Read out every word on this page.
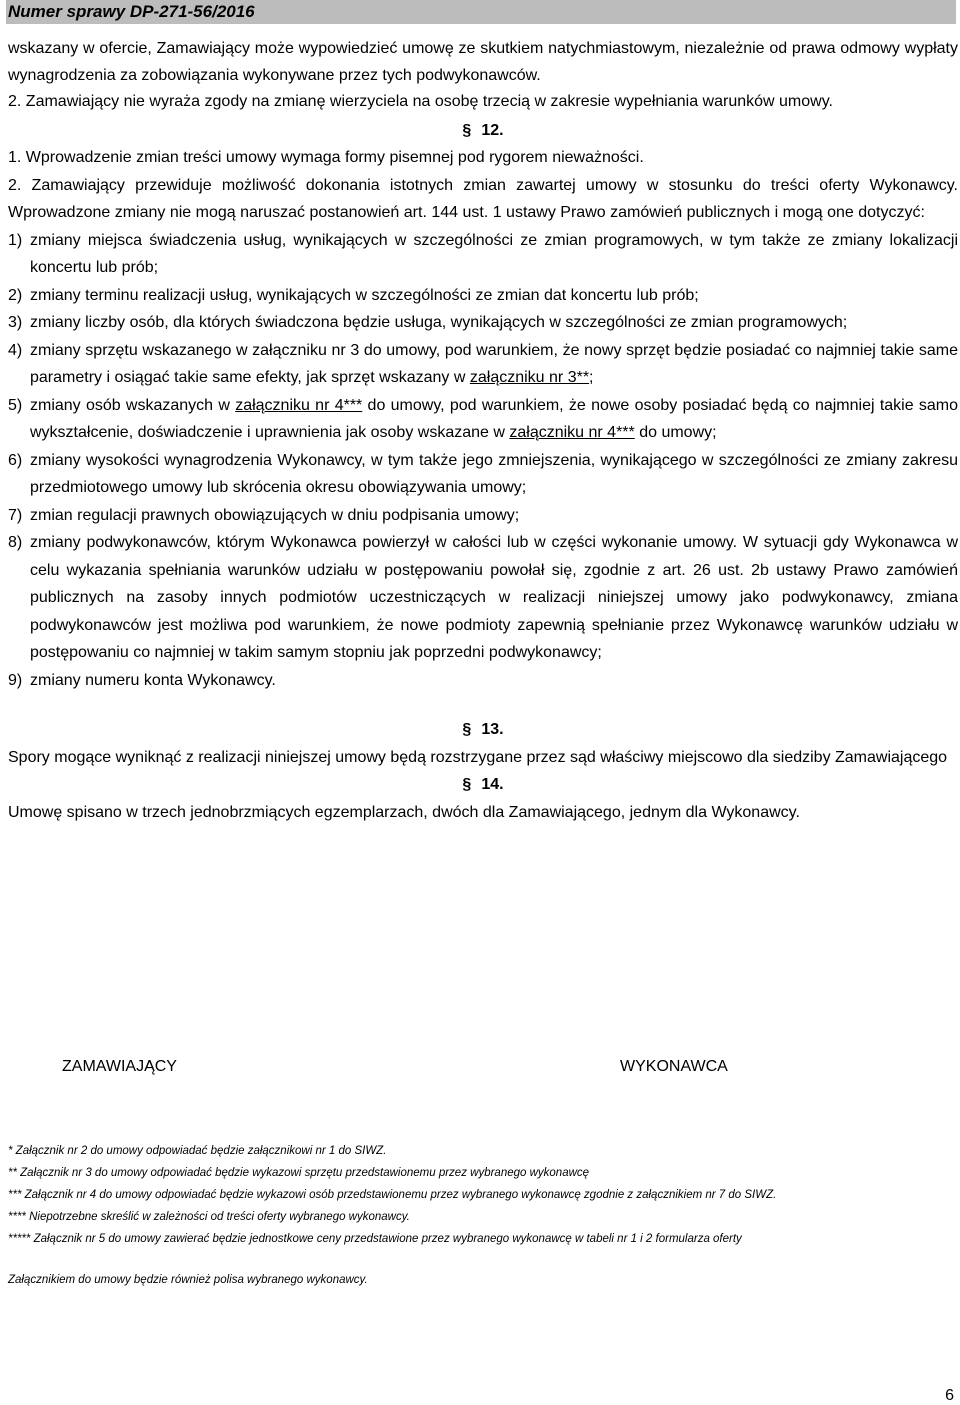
Numer sprawy DP-271-56/2016

wskazany w ofercie, Zamawiający może wypowiedzieć umowę ze skutkiem natychmiastowym, niezależnie od prawa odmowy wypłaty wynagrodzenia za zobowiązania wykonywane przez tych podwykonawców.

2. Zamawiający nie wyraża zgody na zmianę wierzyciela na osobę trzecią w zakresie wypełniania warunków umowy.

§ 12.

1. Wprowadzenie zmian treści umowy wymaga formy pisemnej pod rygorem nieważności.

2. Zamawiający przewiduje możliwość dokonania istotnych zmian zawartej umowy w stosunku do treści oferty Wykonawcy. Wprowadzone zmiany nie mogą naruszać postanowień art. 144 ust. 1 ustawy Prawo zamówień publicznych i mogą one dotyczyć:

1) zmiany miejsca świadczenia usług, wynikających w szczególności ze zmian programowych, w tym także ze zmiany lokalizacji koncertu lub prób;
2) zmiany terminu realizacji usług, wynikających w szczególności ze zmian dat koncertu lub prób;
3) zmiany liczby osób, dla których świadczona będzie usługa, wynikających w szczególności ze zmian programowych;
4) zmiany sprzętu wskazanego w załączniku nr 3 do umowy, pod warunkiem, że nowy sprzęt będzie posiadać co najmniej takie same parametry i osiągać takie same efekty, jak sprzęt wskazany w załączniku nr 3**;
5) zmiany osób wskazanych w załączniku nr 4*** do umowy, pod warunkiem, że nowe osoby posiadać będą co najmniej takie samo wykształcenie, doświadczenie i uprawnienia jak osoby wskazane w załączniku nr 4*** do umowy;
6) zmiany wysokości wynagrodzenia Wykonawcy, w tym także jego zmniejszenia, wynikającego w szczególności ze zmiany zakresu przedmiotowego umowy lub skrócenia okresu obowiązywania umowy;
7) zmian regulacji prawnych obowiązujących w dniu podpisania umowy;
8) zmiany podwykonawców, którym Wykonawca powierzył w całości lub w części wykonanie umowy. W sytuacji gdy Wykonawca w celu wykazania spełniania warunków udziału w postępowaniu powołał się, zgodnie z art. 26 ust. 2b ustawy Prawo zamówień publicznych na zasoby innych podmiotów uczestniczących w realizacji niniejszej umowy jako podwykonawcy, zmiana podwykonawców jest możliwa pod warunkiem, że nowe podmioty zapewnią spełnianie przez Wykonawcę warunków udziału w postępowaniu co najmniej w takim samym stopniu jak poprzedni podwykonawcy;
9) zmiany numeru konta Wykonawcy.

§ 13.

Spory mogące wyniknąć z realizacji niniejszej umowy będą rozstrzygane przez sąd właściwy miejscowo dla siedziby Zamawiającego

§ 14.

Umowę spisano w trzech jednobrzmiących egzemplarzach, dwóch dla Zamawiającego, jednym dla Wykonawcy.

ZAMAWIAJĄCY	WYKONAWCA

* Załącznik nr 2 do umowy odpowiadać będzie załącznikowi nr 1 do SIWZ.

** Załącznik nr 3 do umowy odpowiadać będzie wykazowi sprzętu przedstawionemu przez wybranego wykonawcę

*** Załącznik nr 4 do umowy odpowiadać będzie wykazowi osób przedstawionemu przez wybranego wykonawcę zgodnie z załącznikiem nr 7 do SIWZ.

**** Niepotrzebne skreślić w zależności od treści oferty wybranego wykonawcy.

***** Załącznik nr 5 do umowy zawierać będzie jednostkowe ceny przedstawione przez wybranego wykonawcę w tabeli nr 1 i 2 formularza oferty

Załącznikiem do umowy będzie również polisa wybranego wykonawcy.

6
